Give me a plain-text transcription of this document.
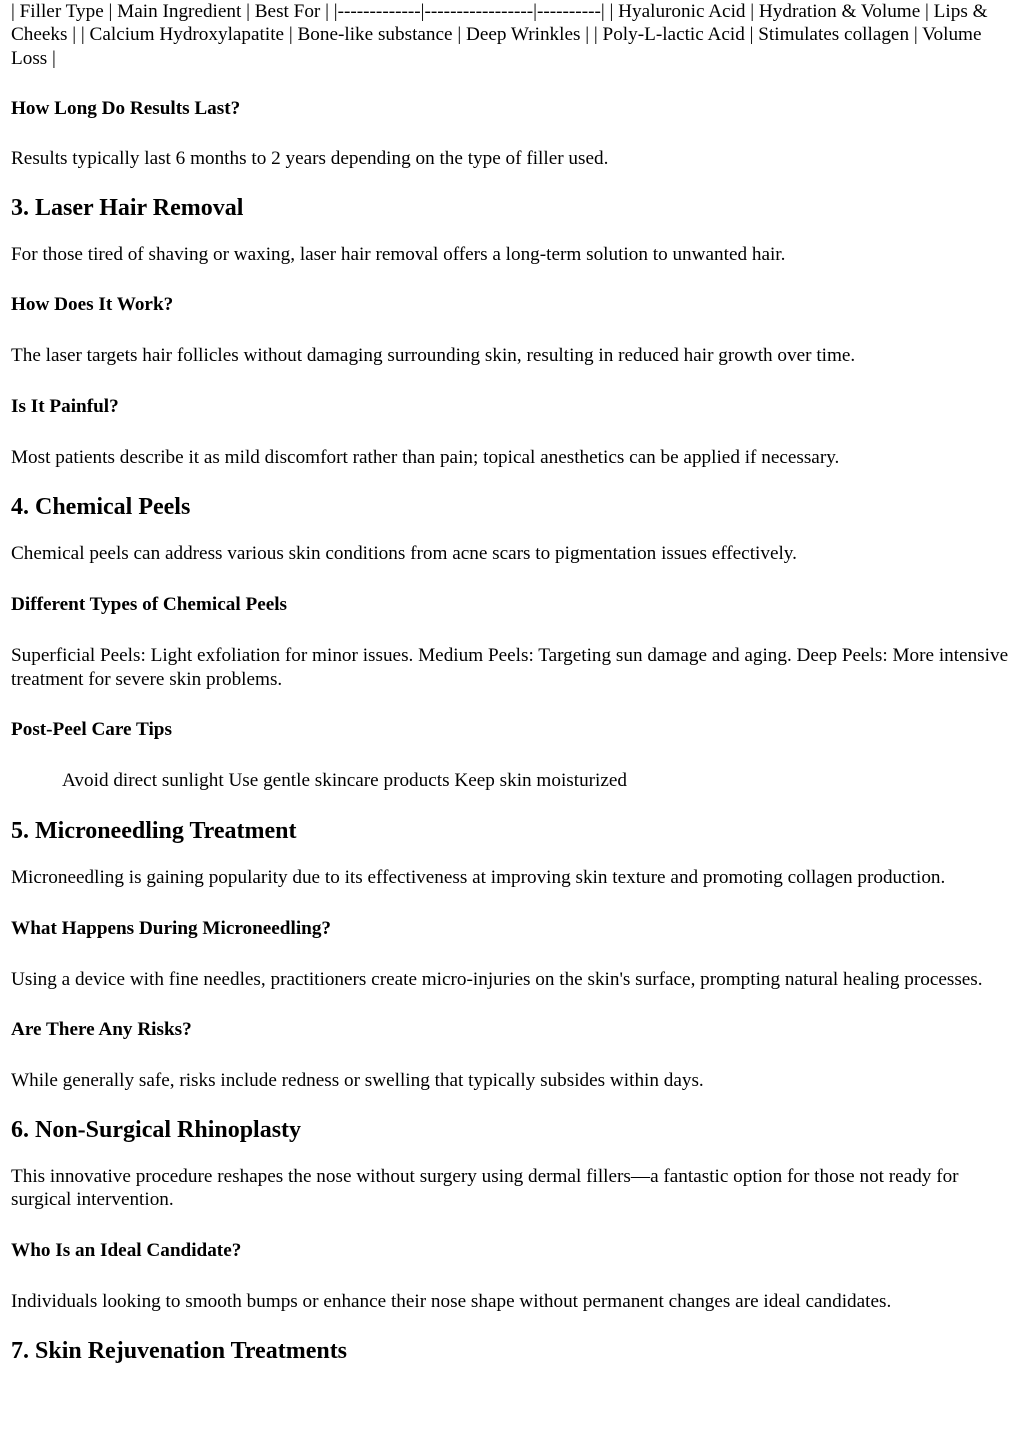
| Filler Type | Main Ingredient | Best For | |-------------|-----------------|----------| | Hyaluronic Acid | Hydration & Volume | Lips & Cheeks | | Calcium Hydroxylapatite | Bone-like substance | Deep Wrinkles | | Poly-L-lactic Acid | Stimulates collagen | Volume Loss |

How Long Do Results Last?

Results typically last 6 months to 2 years depending on the type of filler used.

3. Laser Hair Removal

For those tired of shaving or waxing, laser hair removal offers a long-term solution to unwanted hair.

How Does It Work?

The laser targets hair follicles without damaging surrounding skin, resulting in reduced hair growth over time.

Is It Painful?

Most patients describe it as mild discomfort rather than pain; topical anesthetics can be applied if necessary.

4. Chemical Peels

Chemical peels can address various skin conditions from acne scars to pigmentation issues effectively.

Different Types of Chemical Peels

Superficial Peels: Light exfoliation for minor issues. Medium Peels: Targeting sun damage and aging. Deep Peels: More intensive treatment for severe skin problems.

Post-Peel Care Tips

Avoid direct sunlight Use gentle skincare products Keep skin moisturized

5. Microneedling Treatment

Microneedling is gaining popularity due to its effectiveness at improving skin texture and promoting collagen production.

What Happens During Microneedling?

Using a device with fine needles, practitioners create micro-injuries on the skin's surface, prompting natural healing processes.

Are There Any Risks?

While generally safe, risks include redness or swelling that typically subsides within days.

6. Non-Surgical Rhinoplasty

This innovative procedure reshapes the nose without surgery using dermal fillers—a fantastic option for those not ready for surgical intervention.

Who Is an Ideal Candidate?

Individuals looking to smooth bumps or enhance their nose shape without permanent changes are ideal candidates.

7. Skin Rejuvenation Treatments
